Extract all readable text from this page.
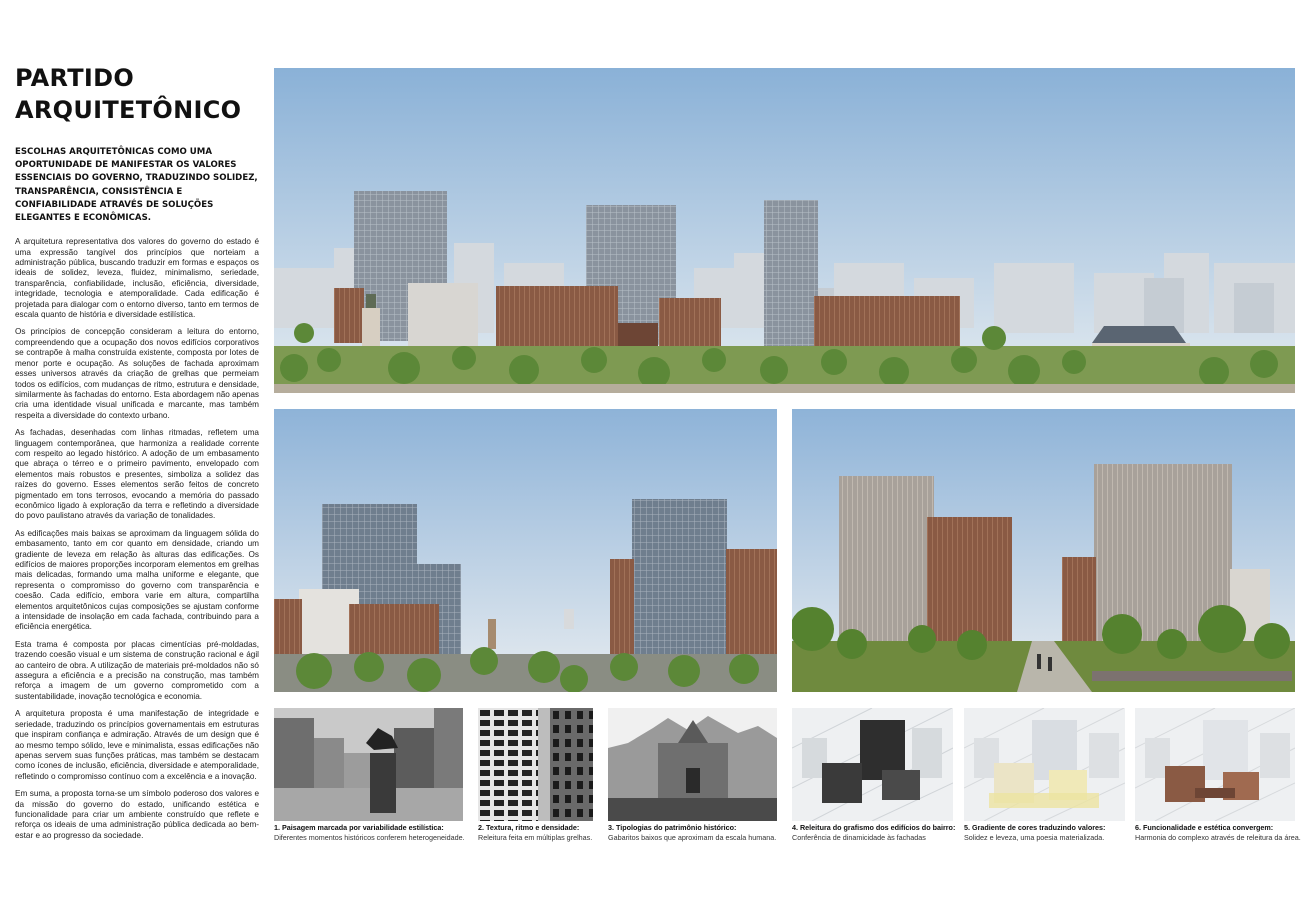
PARTIDO
ARQUITETÔNICO

ESCOLHAS ARQUITETÔNICAS COMO UMA OPORTUNIDADE DE MANIFESTAR OS VALORES ESSENCIAIS DO GOVERNO, TRADUZINDO SOLIDEZ, TRANSPARÊNCIA, CONSISTÊNCIA E CONFIABILIDADE ATRAVÉS DE SOLUÇÕES ELEGANTES E ECONÔMICAS.

A arquitetura representativa dos valores do governo do estado é uma expressão tangível dos princípios que norteiam a administração pública, buscando traduzir em formas e espaços os ideais de solidez, leveza, fluidez, minimalismo, seriedade, transparência, confiabilidade, inclusão, eficiência, diversidade, integridade, tecnologia e atemporalidade. Cada edificação é projetada para dialogar com o entorno diverso, tanto em termos de escala quanto de história e diversidade estilística.

Os princípios de concepção consideram a leitura do entorno, compreendendo que a ocupação dos novos edifícios corporativos se contrapõe à malha construída existente, composta por lotes de menor porte e ocupação. As soluções de fachada aproximam esses universos através da criação de grelhas que permeiam todos os edifícios, com mudanças de ritmo, estrutura e densidade, similarmente às fachadas do entorno. Esta abordagem não apenas cria uma identidade visual unificada e marcante, mas também respeita a diversidade do contexto urbano.

As fachadas, desenhadas com linhas ritmadas, refletem uma linguagem contemporânea, que harmoniza a realidade corrente com respeito ao legado histórico. A adoção de um embasamento que abraça o térreo e o primeiro pavimento, envelopado com elementos mais robustos e presentes, simboliza a solidez das raízes do governo. Esses elementos serão feitos de concreto pigmentado em tons terrosos, evocando a memória do passado econômico ligado à exploração da terra e refletindo a diversidade do povo paulistano através da variação de tonalidades.

As edificações mais baixas se aproximam da linguagem sólida do embasamento, tanto em cor quanto em densidade, criando um gradiente de leveza em relação às alturas das edificações. Os edifícios de maiores proporções incorporam elementos em grelhas mais delicadas, formando uma malha uniforme e elegante, que representa o compromisso do governo com transparência e coesão. Cada edifício, embora varie em altura, compartilha elementos arquitetônicos cujas composições se ajustam conforme a intensidade de insolação em cada fachada, contribuindo para a eficiência energética.

Esta trama é composta por placas cimentícias pré-moldadas, trazendo coesão visual e um sistema de construção racional e ágil ao canteiro de obra. A utilização de materiais pré-moldados não só assegura a eficiência e a precisão na construção, mas também reforça a imagem de um governo comprometido com a sustentabilidade, inovação tecnológica e economia.

A arquitetura proposta é uma manifestação de integridade e seriedade, traduzindo os princípios governamentais em estruturas que inspiram confiança e admiração. Através de um design que é ao mesmo tempo sólido, leve e minimalista, essas edificações não apenas servem suas funções práticas, mas também se destacam como ícones de inclusão, eficiência, diversidade e atemporalidade, refletindo o compromisso contínuo com a excelência e a inovação.

Em suma, a proposta torna-se um símbolo poderoso dos valores e da missão do governo do estado, unificando estética e funcionalidade para criar um ambiente construído que reflete e reforça os ideais de uma administração pública dedicada ao bem-estar e ao progresso da sociedade.

1. Paisagem marcada por variabilidade estilística:
Diferentes momentos históricos conferem heterogeneidade.
2. Textura, ritmo e densidade:
Releitura feita em múltiplas grelhas.
3. Tipologias do patrimônio histórico:
Gabaritos baixos que aproximam da escala humana.
4. Releitura do grafismo dos edifícios do bairro:
Conferência de dinamicidade às fachadas
5. Gradiente de cores traduzindo valores:
Solidez e leveza, uma poesia materializada.
6. Funcionalidade e estética convergem:
Harmonia do complexo através de releitura da área.
